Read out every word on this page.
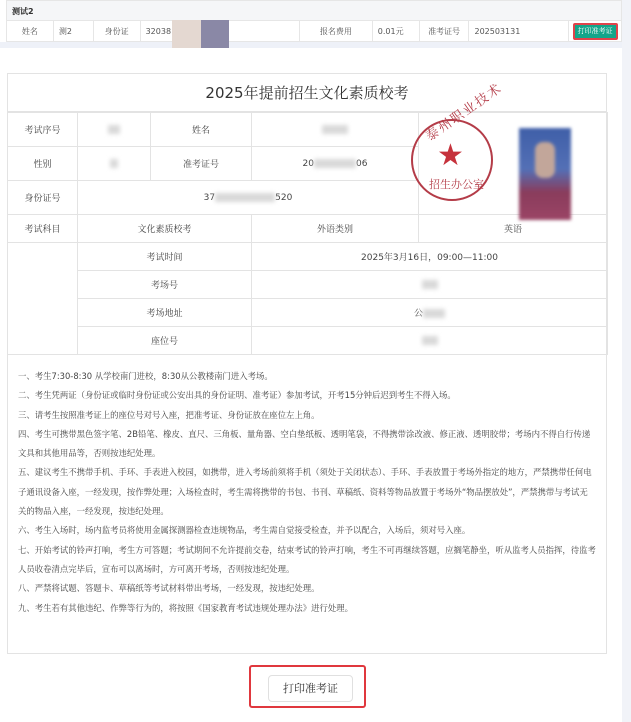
测试2
姓名	测2	身份证	32038	报名费用	0.01元	准考证号	202503131	打印准考证
2025年提前招生文化素质校考
考试序号		姓名		泰州职业技术
★
招生办公室

性别		准考证号	20 06	
身份证号	37 520			
考试科目	文化素质校考		外语类别	英语
	考试时间		2025年3月16日，09:00—11:00	
	考场号			
	考场地址		公	
	座位号			

一、考生7:30-8:30 从学校南门进校，8:30从公教楼南门进入考场。

二、考生凭两证（身份证或临时身份证或公安出具的身份证明、准考证）参加考试，开考15分钟后迟到考生不得入场。

三、请考生按照准考证上的座位号对号入座，把准考证、身份证放在座位左上角。

四、考生可携带黑色签字笔、2B铅笔、橡皮、直尺、三角板、量角器、空白垫纸板、透明笔袋，不得携带涂改液、修正液、透明胶带；考场内不得自行传递文具和其他用品等，否则按违纪处理。

五、建议考生不携带手机、手环、手表进入校园，如携带，进入考场前须将手机（须处于关闭状态）、手环、手表放置于考场外指定的地方，严禁携带任何电子通讯设备入座，一经发现，按作弊处理；入场检查时，考生需将携带的书包、书刊、草稿纸、资料等物品放置于考场外“物品摆放处”，严禁携带与考试无关的物品入座，一经发现，按违纪处理。

六、考生入场时，场内监考员将使用金属探测器检查违规物品，考生需自觉接受检查，并予以配合，入场后，须对号入座。

七、开始考试的铃声打响，考生方可答题；考试期间不允许提前交卷，结束考试的铃声打响，考生不可再继续答题，应搁笔静坐，听从监考人员指挥，待监考人员收卷清点完毕后，宣布可以离场时，方可离开考场，否则按违纪处理。

八、严禁将试题、答题卡、草稿纸等考试材料带出考场，一经发现，按违纪处理。

九、考生若有其他违纪、作弊等行为的，将按照《国家教育考试违规处理办法》进行处理。

打印准考证
